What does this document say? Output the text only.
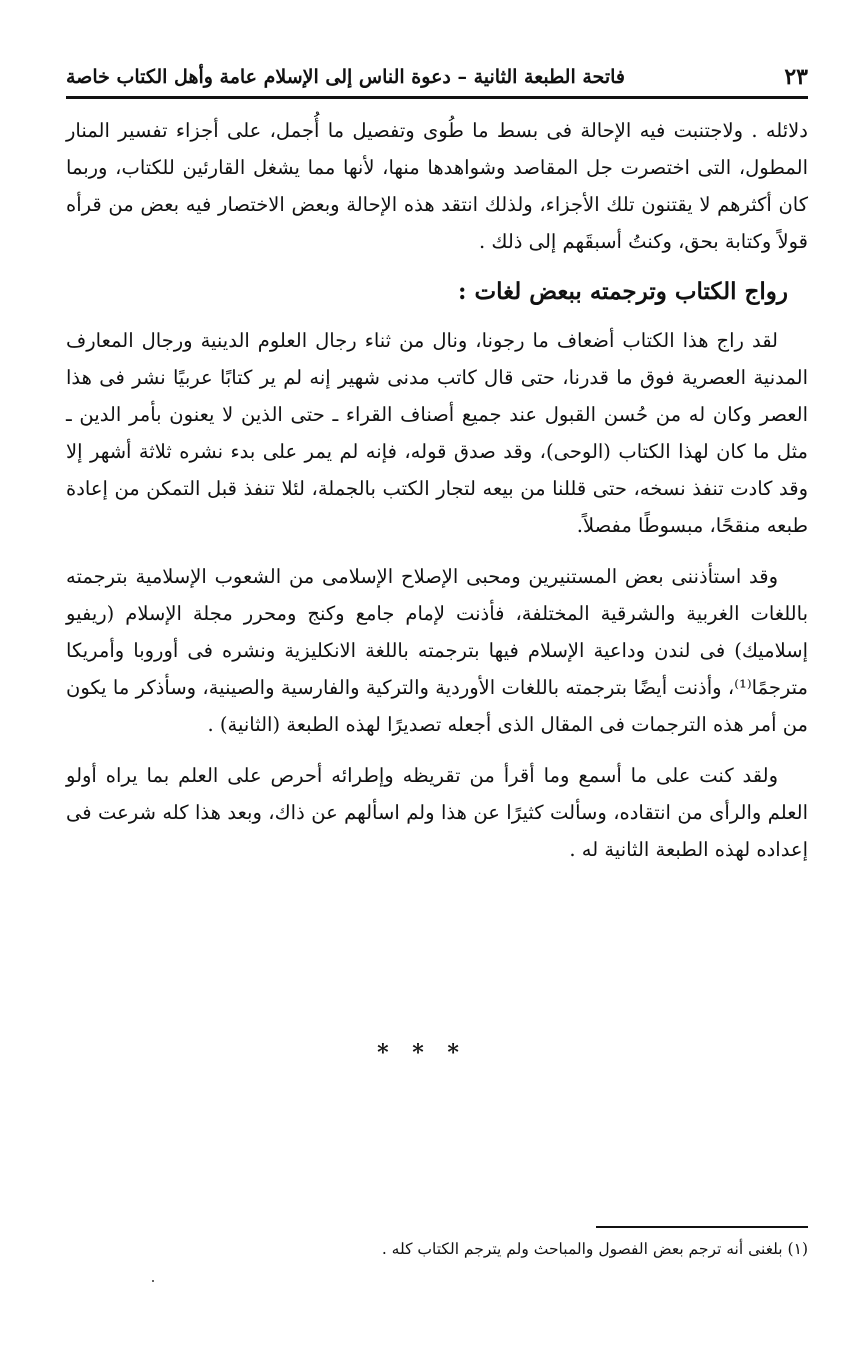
٢٣
فاتحة الطبعة الثانية – دعوة الناس إلى الإسلام عامة وأهل الكتاب خاصة

دلائله . ولاجتنبت فيه الإحالة فى بسط ما طُوى وتفصيل ما أُجمل، على أجزاء تفسير المنار المطول، التى اختصرت جل المقاصد وشواهدها منها، لأنها مما يشغل القارئين للكتاب، وربما كان أكثرهم لا يقتنون تلك الأجزاء، ولذلك انتقد هذه الإحالة وبعض الاختصار فيه بعض من قرأه قولاً وكتابة بحق، وكنتُ أسبقَهم إلى ذلك .

رواج الكتاب وترجمته ببعض لغات :

لقد راج هذا الكتاب أضعاف ما رجونا، ونال من ثناء رجال العلوم الدينية ورجال المعارف المدنية العصرية فوق ما قدرنا، حتى قال كاتب مدنى شهير إنه لم ير كتابًا عربيًا نشر فى هذا العصر وكان له من حُسن القبول عند جميع أصناف القراء ـ حتى الذين لا يعنون بأمر الدين ـ مثل ما كان لهذا الكتاب (الوحى)، وقد صدق قوله، فإنه لم يمر على بدء نشره ثلاثة أشهر إلا وقد كادت تنفذ نسخه، حتى قللنا من بيعه لتجار الكتب بالجملة، لئلا تنفذ قبل التمكن من إعادة طبعه منقحًا، مبسوطًا مفصلاً.

وقد استأذننى بعض المستنيرين ومحبى الإصلاح الإسلامى من الشعوب الإسلامية بترجمته باللغات الغربية والشرقية المختلفة، فأذنت لإمام جامع وكنج ومحرر مجلة الإسلام (ريفيو إسلاميك) فى لندن وداعية الإسلام فيها بترجمته باللغة الانكليزية ونشره فى أوروبا وأمريكا مترجمًا⁽¹⁾، وأذنت أيضًا بترجمته باللغات الأوردية والتركية والفارسية والصينية، وسأذكر ما يكون من أمر هذه الترجمات فى المقال الذى أجعله تصديرًا لهذه الطبعة (الثانية) .

ولقد كنت على ما أسمع وما أقرأ من تقريظه وإطرائه أحرص على العلم بما يراه أولو العلم والرأى من انتقاده، وسألت كثيرًا عن هذا ولم اسألهم عن ذاك، وبعد هذا كله شرعت فى إعداده لهذه الطبعة الثانية له .

* * *
(١) بلغنى أنه ترجم بعض الفصول والمباحث ولم يترجم الكتاب كله .
